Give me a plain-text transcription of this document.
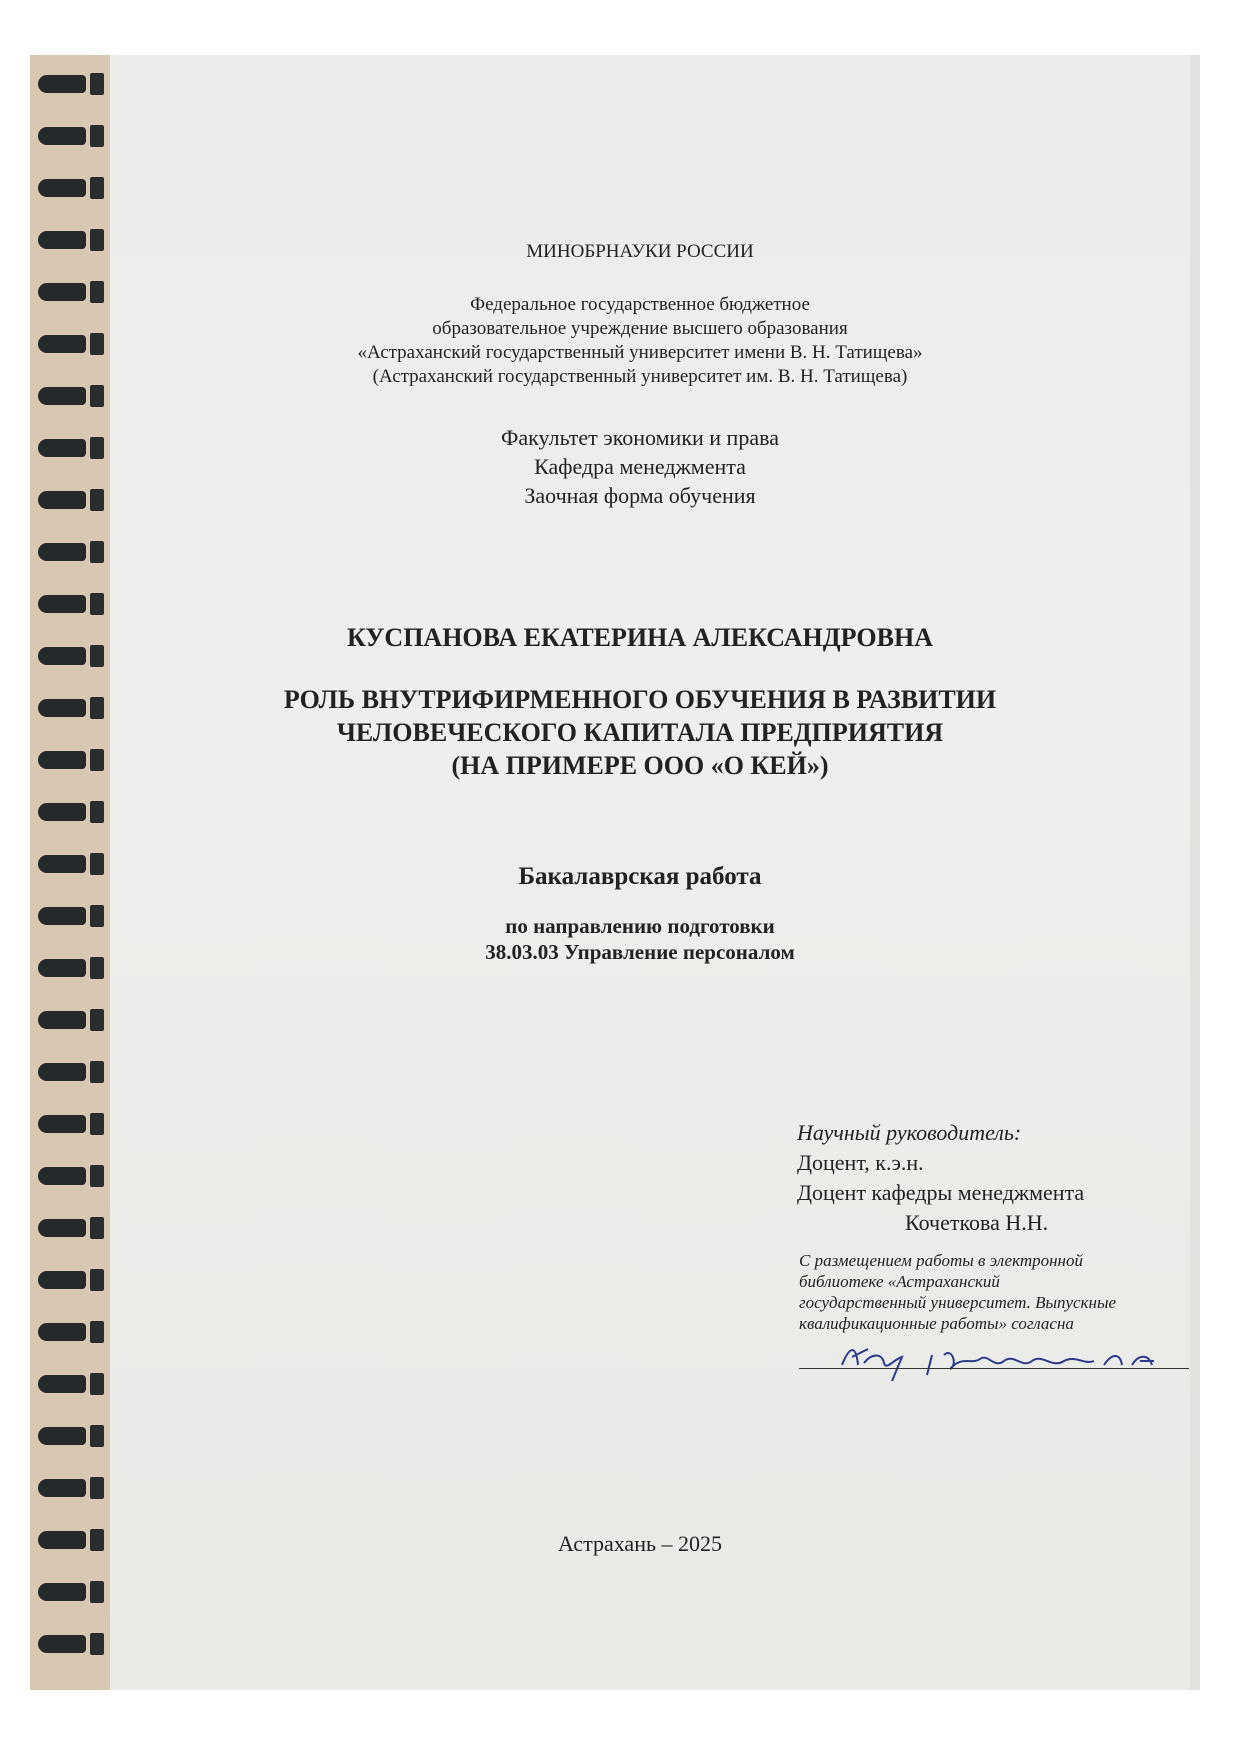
МИНОБРНАУКИ РОССИИ
Федеральное государственное бюджетное
образовательное учреждение высшего образования
«Астраханский государственный университет имени В. Н. Татищева»
(Астраханский государственный университет им. В. Н. Татищева)
Факультет экономики и права
Кафедра менеджмента
Заочная форма обучения
КУСПАНОВА ЕКАТЕРИНА АЛЕКСАНДРОВНА
РОЛЬ ВНУТРИФИРМЕННОГО ОБУЧЕНИЯ В РАЗВИТИИ
ЧЕЛОВЕЧЕСКОГО КАПИТАЛА ПРЕДПРИЯТИЯ
(НА ПРИМЕРЕ ООО «О КЕЙ»)
Бакалаврская работа
по направлению подготовки
38.03.03 Управление персоналом
Научный руководитель:
Доцент, к.э.н.
Доцент кафедры менеджмента
Кочеткова Н.Н.
С размещением работы в электронной
библиотеке «Астраханский
государственный университет. Выпускные
квалификационные работы» согласна
Астрахань – 2025
